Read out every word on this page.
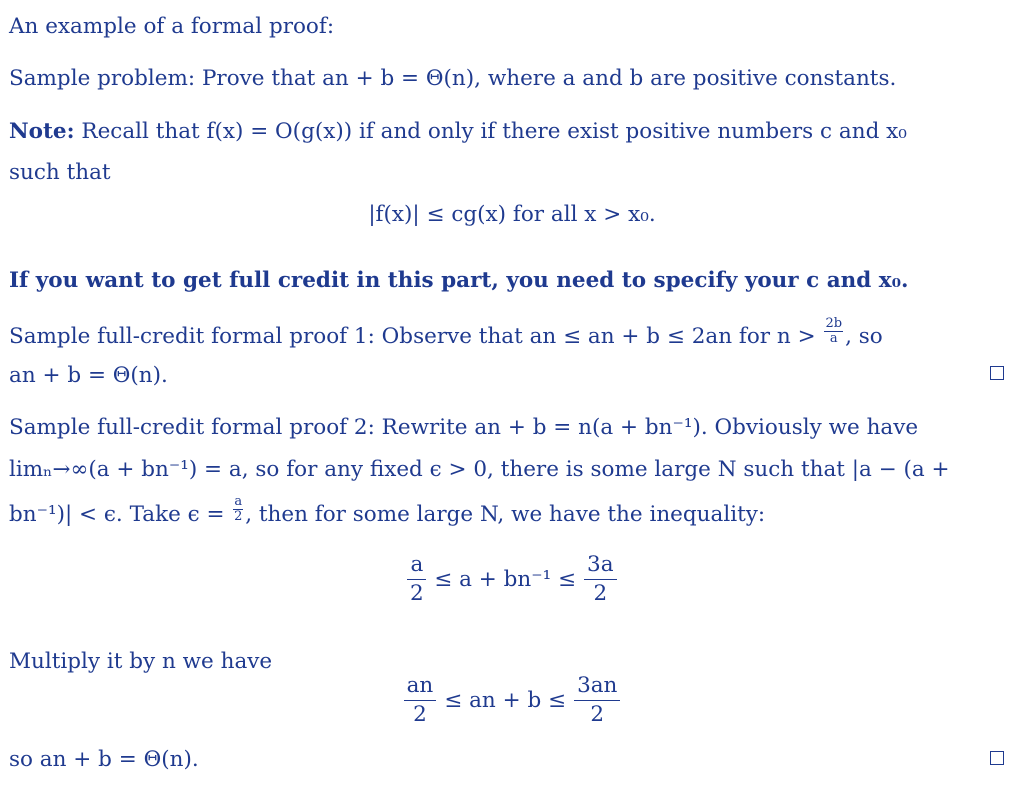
An example of a formal proof:
Sample problem: Prove that an + b = Θ(n), where a and b are positive constants.
Note: Recall that f(x) = O(g(x)) if and only if there exist positive numbers c and x₀
such that
|f(x)| ≤ cg(x) for all x > x₀.
If you want to get full credit in this part, you need to specify your c and x₀.
Sample full-credit formal proof 1: Observe that an ≤ an + b ≤ 2an for $n > \frac{2b}{a}$ , so
an + b = Θ(n).
Sample full-credit formal proof 2: Rewrite an + b = n(a + bn⁻¹). Obviously we have
limₙ→∞(a + bn⁻¹) = a, so for any fixed ϵ > 0, there is some large N such that |a − (a +
bn⁻¹)| < ϵ. Take $\epsilon = \frac{a}{2}$ , then for some large N, we have the inequality:
$\frac{a}{2} \le a + bn^{-1} \le \frac{3a}{2}$
Multiply it by n we have
$\frac{an}{2}$ ≤ an + $b \le \frac{3an}{2}$
so an + b = Θ(n).
